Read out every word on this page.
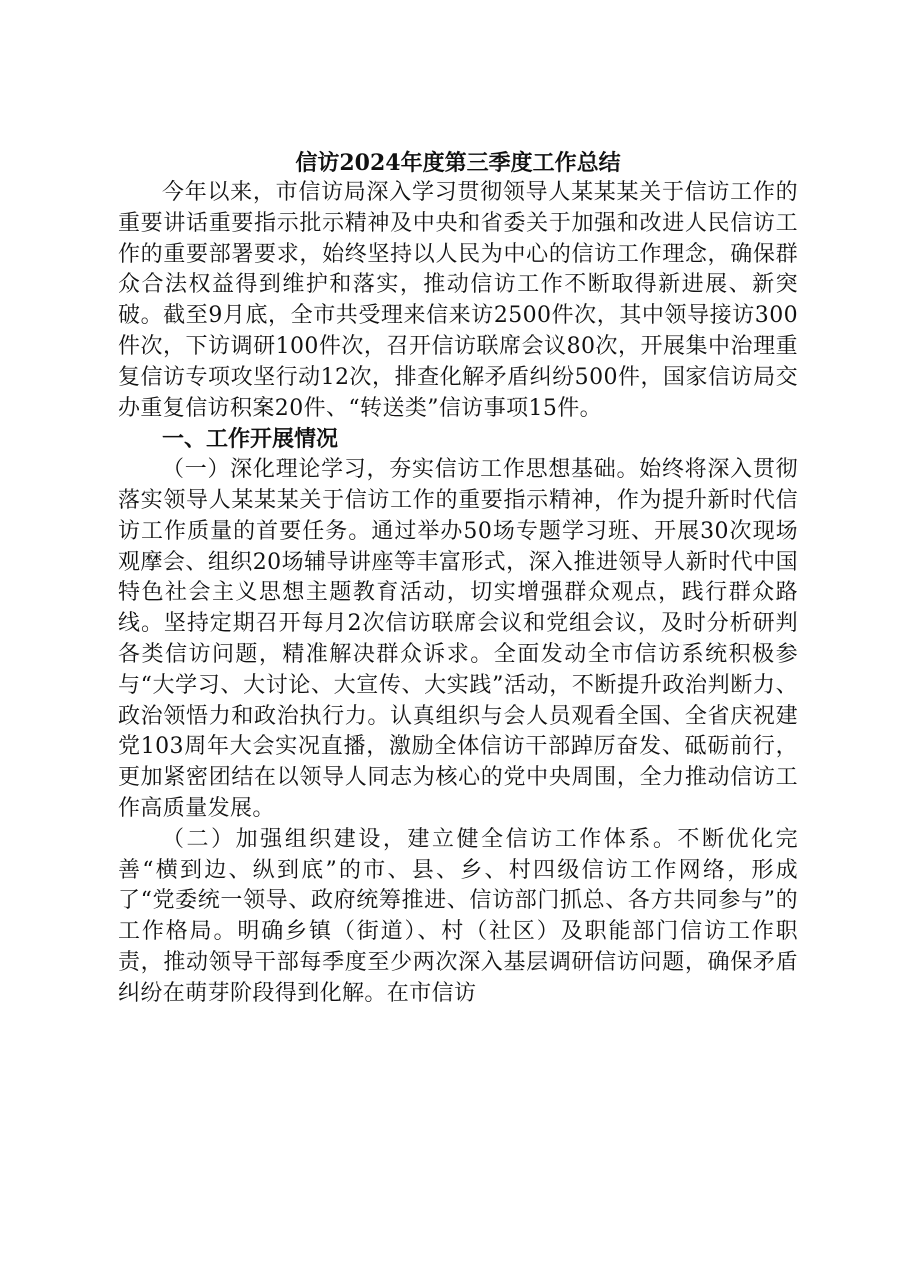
信访2024年度第三季度工作总结

今年以来，市信访局深入学习贯彻领导人某某某关于信访工作的重要讲话重要指示批示精神及中央和省委关于加强和改进人民信访工作的重要部署要求，始终坚持以人民为中心的信访工作理念，确保群众合法权益得到维护和落实，推动信访工作不断取得新进展、新突破。截至9月底，全市共受理来信来访2500件次，其中领导接访300件次，下访调研100件次，召开信访联席会议80次，开展集中治理重复信访专项攻坚行动12次，排查化解矛盾纠纷500件，国家信访局交办重复信访积案20件、“转送类”信访事项15件。

一、工作开展情况

（一）深化理论学习，夯实信访工作思想基础。始终将深入贯彻落实领导人某某某关于信访工作的重要指示精神，作为提升新时代信访工作质量的首要任务。通过举办50场专题学习班、开展30次现场观摩会、组织20场辅导讲座等丰富形式，深入推进领导人新时代中国特色社会主义思想主题教育活动，切实增强群众观点，践行群众路线。坚持定期召开每月2次信访联席会议和党组会议，及时分析研判各类信访问题，精准解决群众诉求。全面发动全市信访系统积极参与“大学习、大讨论、大宣传、大实践”活动，不断提升政治判断力、政治领悟力和政治执行力。认真组织与会人员观看全国、全省庆祝建党103周年大会实况直播，激励全体信访干部踔厉奋发、砥砺前行，更加紧密团结在以领导人同志为核心的党中央周围，全力推动信访工作高质量发展。

（二）加强组织建设，建立健全信访工作体系。不断优化完善“横到边、纵到底”的市、县、乡、村四级信访工作网络，形成了“党委统一领导、政府统筹推进、信访部门抓总、各方共同参与”的工作格局。明确乡镇（街道）、村（社区）及职能部门信访工作职责，推动领导干部每季度至少两次深入基层调研信访问题，确保矛盾纠纷在萌芽阶段得到化解。在市信访
